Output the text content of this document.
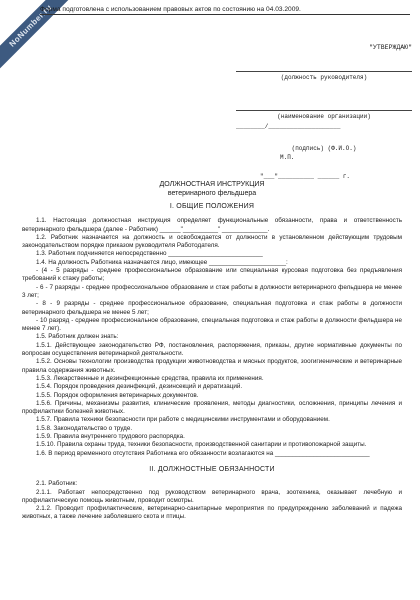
NoNumber.ru
Форма подготовлена с использованием правовых актов по состоянию на 04.03.2009.
"УТВЕРЖДАЮ"
(должность руководителя)
(наименование организации)
________/____________________
(подпись) (Ф.И.О.)
М.П.
"___"__________ ______ г.
ДОЛЖНОСТНАЯ ИНСТРУКЦИЯ
ветеринарного фельдшера
I. ОБЩИЕ ПОЛОЖЕНИЯ

1.1. Настоящая должностная инструкция определяет функциональные обязанности, права и ответственность ветеринарного фельдшера (далее - Работник) ______"__________" _____________.

1.2. Работник назначается на должность и освобождается от должности в установленном действующим трудовым законодательством порядке приказом руководителя Работодателя.

1.3. Работник подчиняется непосредственно ___________________________

1.4. На должность Работника назначается лицо, имеющее ______________________:

- (4 - 5 разряды - среднее профессиональное образование или специальная курсовая подготовка без предъявления требований к стажу работы;

- 6 - 7 разряды - среднее профессиональное образование и стаж работы в должности ветеринарного фельдшера не менее 3 лет;

- 8 - 9 разряды - среднее профессиональное образование, специальная подготовка и стаж работы в должности ветеринарного фельдшера не менее 5 лет;

- 10 разряд - среднее профессиональное образование, специальная подготовка и стаж работы в должности фельдшера не менее 7 лет).

1.5. Работник должен знать:

1.5.1. Действующее законодательство РФ, постановления, распоряжения, приказы, другие нормативные документы по вопросам осуществления ветеринарной деятельности.

1.5.2. Основы технологии производства продукции животноводства и мясных продуктов, зоогигиенические и ветеринарные правила содержания животных.

1.5.3. Лекарственные и дезинфекционные средства, правила их применения.

1.5.4. Порядок проведения дезинфекций, дезинсекций и дератизаций.

1.5.5. Порядок оформления ветеринарных документов.

1.5.6. Причины, механизмы развития, клинические проявления, методы диагностики, осложнения, принципы лечения и профилактики болезней животных.

1.5.7. Правила техники безопасности при работе с медицинскими инструментами и оборудованием.

1.5.8. Законодательство о труде.

1.5.9. Правила внутреннего трудового распорядка.

1.5.10. Правила охраны труда, техники безопасности, производственной санитарии и противопожарной защиты.

1.6. В период временного отсутствия Работника его обязанности возлагаются на ___________________________

II. ДОЛЖНОСТНЫЕ ОБЯЗАННОСТИ

2.1. Работник:

2.1.1. Работает непосредственно под руководством ветеринарного врача, зоотехника, оказывает лечебную и профилактическую помощь животным, проводит осмотры.

2.1.2. Проводит профилактические, ветеринарно-санитарные мероприятия по предупреждению заболеваний и падежа животных, а также лечение заболевшего скота и птицы.
